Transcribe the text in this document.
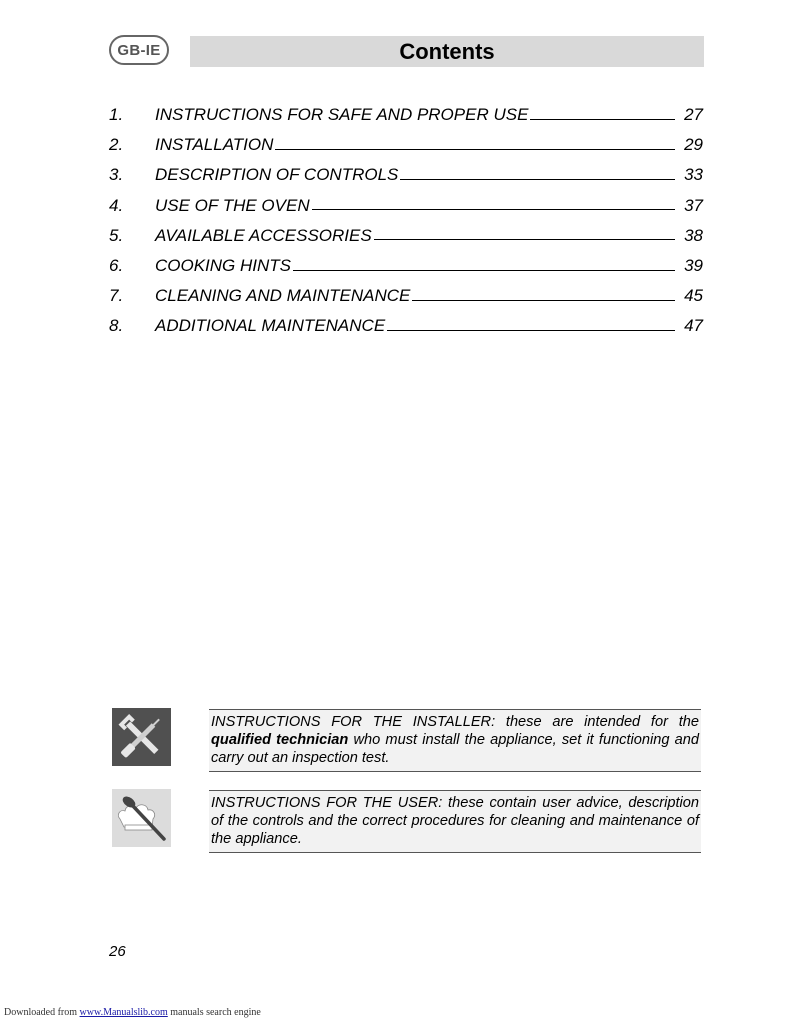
GB-IE	Contents
1.	INSTRUCTIONS FOR SAFE AND PROPER USE	27
2.	INSTALLATION	29
3.	DESCRIPTION OF CONTROLS	33
4.	USE OF THE OVEN	37
5.	AVAILABLE ACCESSORIES	38
6.	COOKING HINTS	39
7.	CLEANING AND MAINTENANCE	45
8.	ADDITIONAL MAINTENANCE	47
INSTRUCTIONS FOR THE INSTALLER: these are intended for the qualified technician who must install the appliance, set it functioning and carry out an inspection test.
INSTRUCTIONS FOR THE USER: these contain user advice, description of the controls and the correct procedures for cleaning and maintenance of the appliance.
26
Downloaded from www.Manualslib.com manuals search engine
